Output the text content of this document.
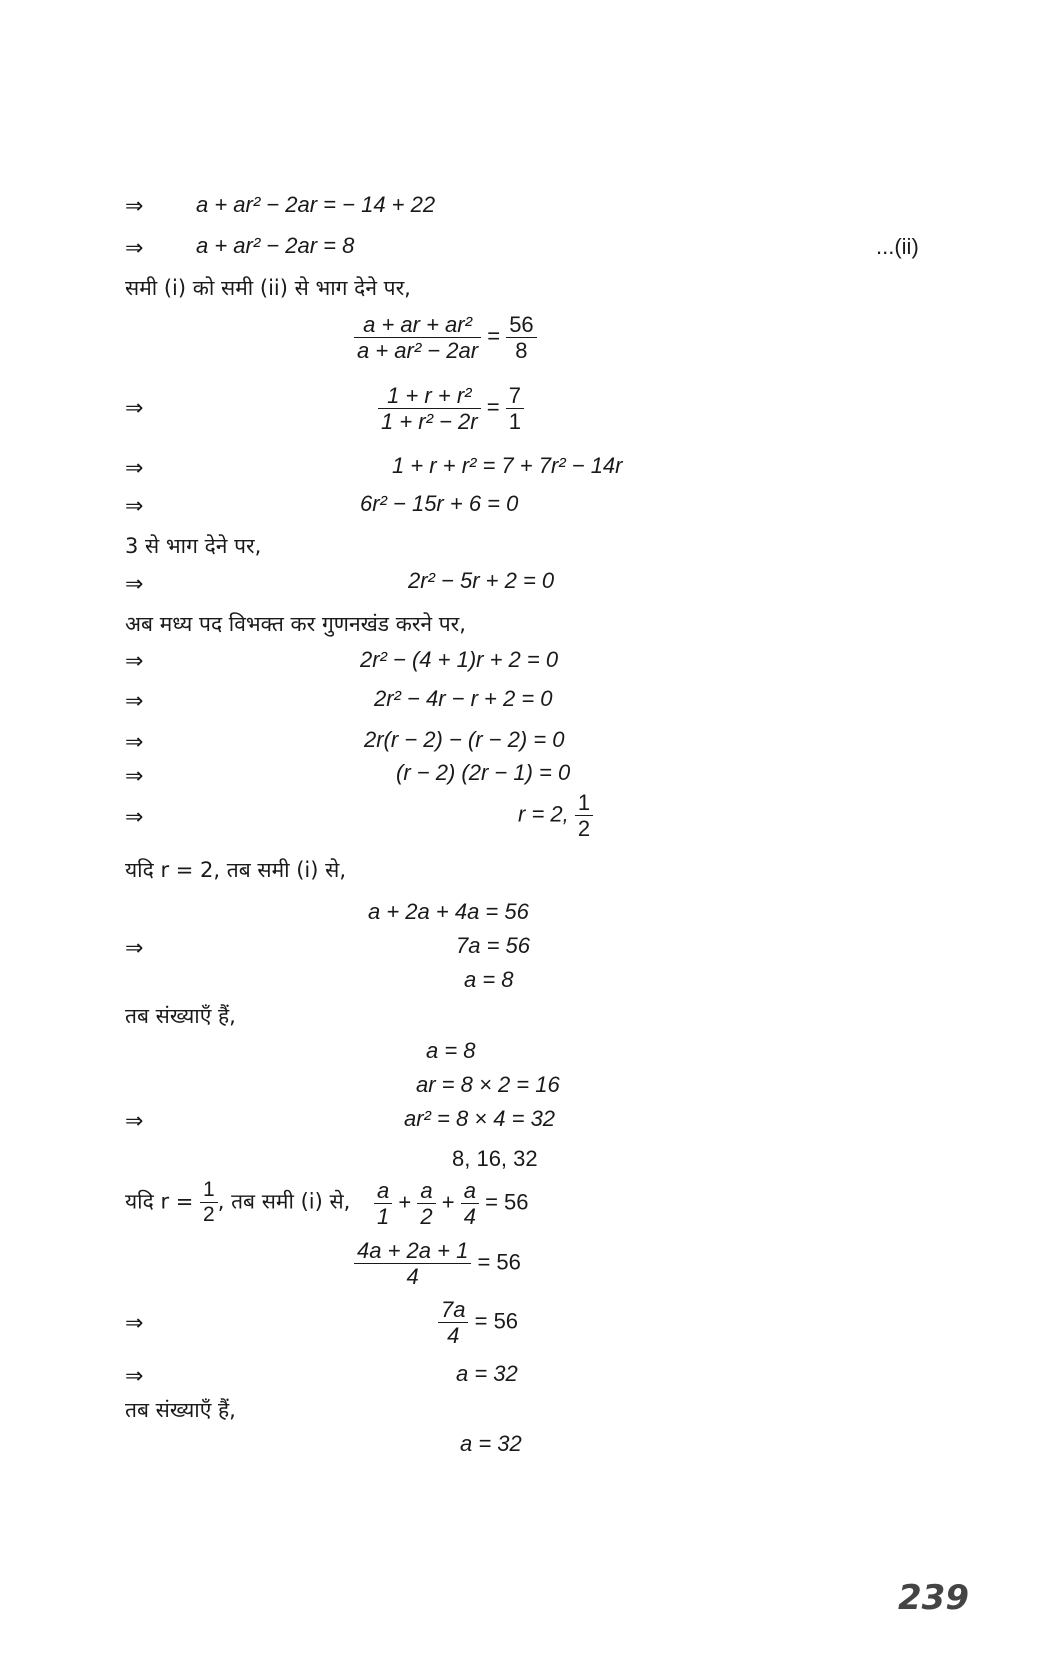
⇒ a + ar² − 2ar = − 14 + 22
⇒ a + ar² − 2ar = 8	...(ii)
समी (i) को समी (ii) से भाग देने पर,
$\frac{\text{a + ar + ar²}}{\text{a + ar² − 2ar}} = \frac{56}{8}$
⇒	$\frac{\text{1 + r + r²}}{\text{1 + r² − 2r}} = \frac{7}{1}$
⇒	1 + r + r² = 7 + 7r² − 14r
⇒	6r² − 15r + 6 = 0
3 से भाग देने पर,
⇒	2r² − 5r + 2 = 0
अब मध्य पद विभक्त कर गुणनखंड करने पर,
⇒	2r² − (4 + 1)r + 2 = 0
⇒	2r² − 4r − r + 2 = 0
⇒	2r(r − 2) − (r − 2) = 0
⇒	(r − 2) (2r − 1) = 0
⇒	r = 2, $\frac{1}{2}$
यदि r = 2, तब समी (i) से,
a + 2a + 4a = 56
⇒	7a = 56
a = 8
तब संख्याएँ हैं,
a = 8
ar = 8 × 2 = 16
⇒	ar² = 8 × 4 = 32
8, 16, 32
यदि $r = \frac{1}{2}$ , तब समी (i) से, $\frac{a}{1} + \frac{a}{2} + \frac{a}{4} = 56$
$\frac{4a + 2a + 1}{4} = 56$
⇒	$\frac{7a}{4} = 56$
⇒	a = 32
तब संख्याएँ हैं,
a = 32
239
